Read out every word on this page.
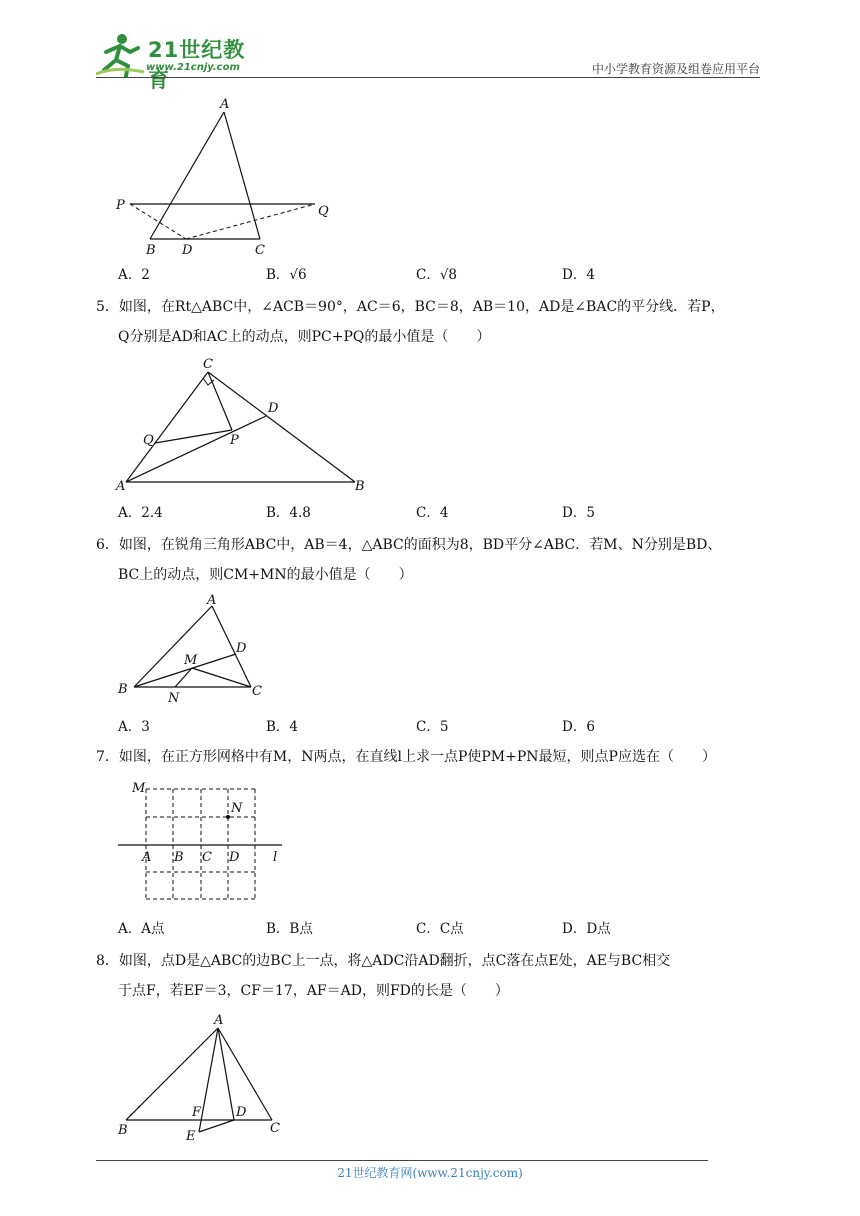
21世纪教育
www.21cnjy.com	中小学教育资源及组卷应用平台
A
P	Q
B D	C
A．2	B．√6	C．√8	D．4
5．如图，在Rt△ABC中，∠ACB＝90°，AC＝6，BC＝8，AB＝10，AD是∠BAC的平分线．若P，
Q分别是AD和AC上的动点，则PC+PQ的最小值是（　　）
C
D
Q	P
A	B
A．2.4	B．4.8	C．4	D．5
6．如图，在锐角三角形ABC中，AB＝4，△ABC的面积为8，BD平分∠ABC．若M、N分别是BD、
BC上的动点，则CM+MN的最小值是（　　）
A
D
M
B
N	C
A．3	B．4	C．5	D．6
7．如图，在正方形网格中有M，N两点，在直线l上求一点P使PM+PN最短，则点P应选在（　　）
M
N
A B C D	l
A．A点	B．B点	C．C点	D．D点
8．如图，点D是△ABC的边BC上一点，将△ADC沿AD翻折，点C落在点E处，AE与BC相交
于点F，若EF＝3，CF＝17，AF＝AD，则FD的长是（　　）
A
F	D
B	E
C
21世纪教育网(www.21cnjy.com)
